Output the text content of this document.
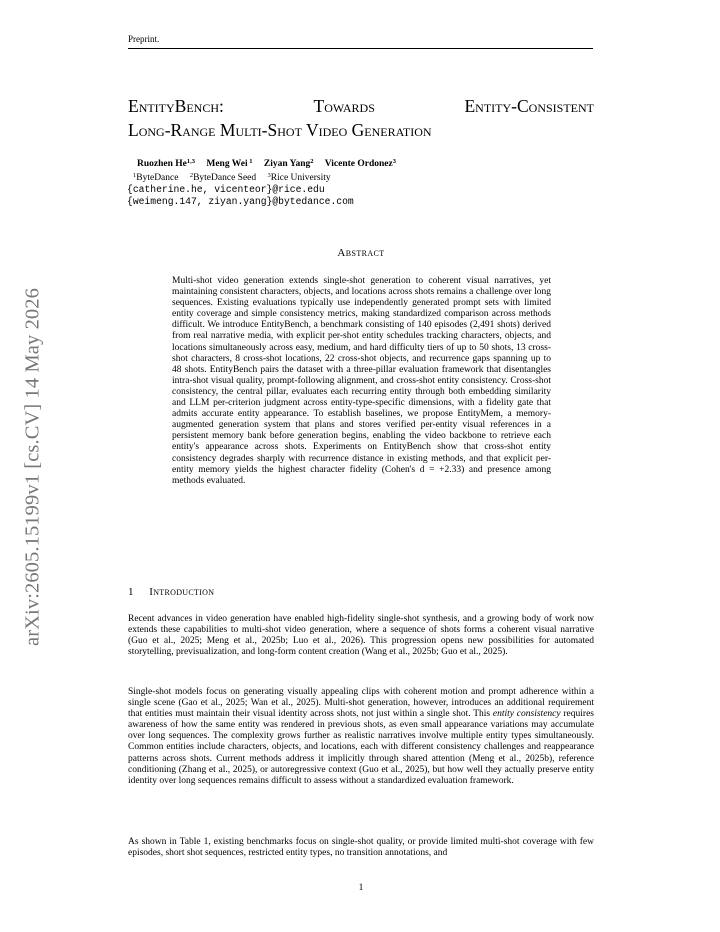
Preprint.
arXiv:2605.15199v1 [cs.CV] 14 May 2026
EntityBench:	Towards	Entity-Consistent
Long-Range Multi-Shot Video Generation
Ruozhen He$^{1,3}$ Meng Wei $^1$ Ziyan Yang$^2$ Vicente Ordonez$^3$
$^1$ByteDance $^2$ByteDance Seed $^3$Rice University
{catherine.he, vicenteor}@rice.edu
{weimeng.147, ziyan.yang}@bytedance.com
Abstract
Multi-shot video generation extends single-shot generation to coherent visual narratives, yet maintaining consistent characters, objects, and locations across shots remains a challenge over long sequences. Existing evaluations typically use independently generated prompt sets with limited entity coverage and simple consistency metrics, making standardized comparison across methods difficult. We introduce EntityBench, a benchmark consisting of 140 episodes (2,491 shots) derived from real narrative media, with explicit per-shot entity schedules tracking characters, objects, and locations simultaneously across easy, medium, and hard difficulty tiers of up to 50 shots, 13 cross-shot characters, 8 cross-shot locations, 22 cross-shot objects, and recurrence gaps spanning up to 48 shots. EntityBench pairs the dataset with a three-pillar evaluation framework that disentangles intra-shot visual quality, prompt-following alignment, and cross-shot entity consistency. Cross-shot consistency, the central pillar, evaluates each recurring entity through both embedding similarity and LLM per-criterion judgment across entity-type-specific dimensions, with a fidelity gate that admits accurate entity appearance. To establish baselines, we propose EntityMem, a memory-augmented generation system that plans and stores verified per-entity visual references in a persistent memory bank before generation begins, enabling the video backbone to retrieve each entity's appearance across shots. Experiments on EntityBench show that cross-shot entity consistency degrades sharply with recurrence distance in existing methods, and that explicit per-entity memory yields the highest character fidelity (Cohen's d = +2.33) and presence among methods evaluated.
1 Introduction

Recent advances in video generation have enabled high-fidelity single-shot synthesis, and a growing body of work now extends these capabilities to multi-shot video generation, where a sequence of shots forms a coherent visual narrative (Guo et al., 2025; Meng et al., 2025b; Luo et al., 2026). This progression opens new possibilities for automated storytelling, previsualization, and long-form content creation (Wang et al., 2025b; Guo et al., 2025).

Single-shot models focus on generating visually appealing clips with coherent motion and prompt adherence within a single scene (Gao et al., 2025; Wan et al., 2025). Multi-shot generation, however, introduces an additional requirement that entities must maintain their visual identity across shots, not just within a single shot. This entity consistency requires awareness of how the same entity was rendered in previous shots, as even small appearance variations may accumulate over long sequences. The complexity grows further as realistic narratives involve multiple entity types simultaneously. Common entities include characters, objects, and locations, each with different consistency challenges and reappearance patterns across shots. Current methods address it implicitly through shared attention (Meng et al., 2025b), reference conditioning (Zhang et al., 2025), or autoregressive context (Guo et al., 2025), but how well they actually preserve entity identity over long sequences remains difficult to assess without a standardized evaluation framework.

As shown in Table 1, existing benchmarks focus on single-shot quality, or provide limited multi-shot coverage with few episodes, short shot sequences, restricted entity types, no transition annotations, and

1
